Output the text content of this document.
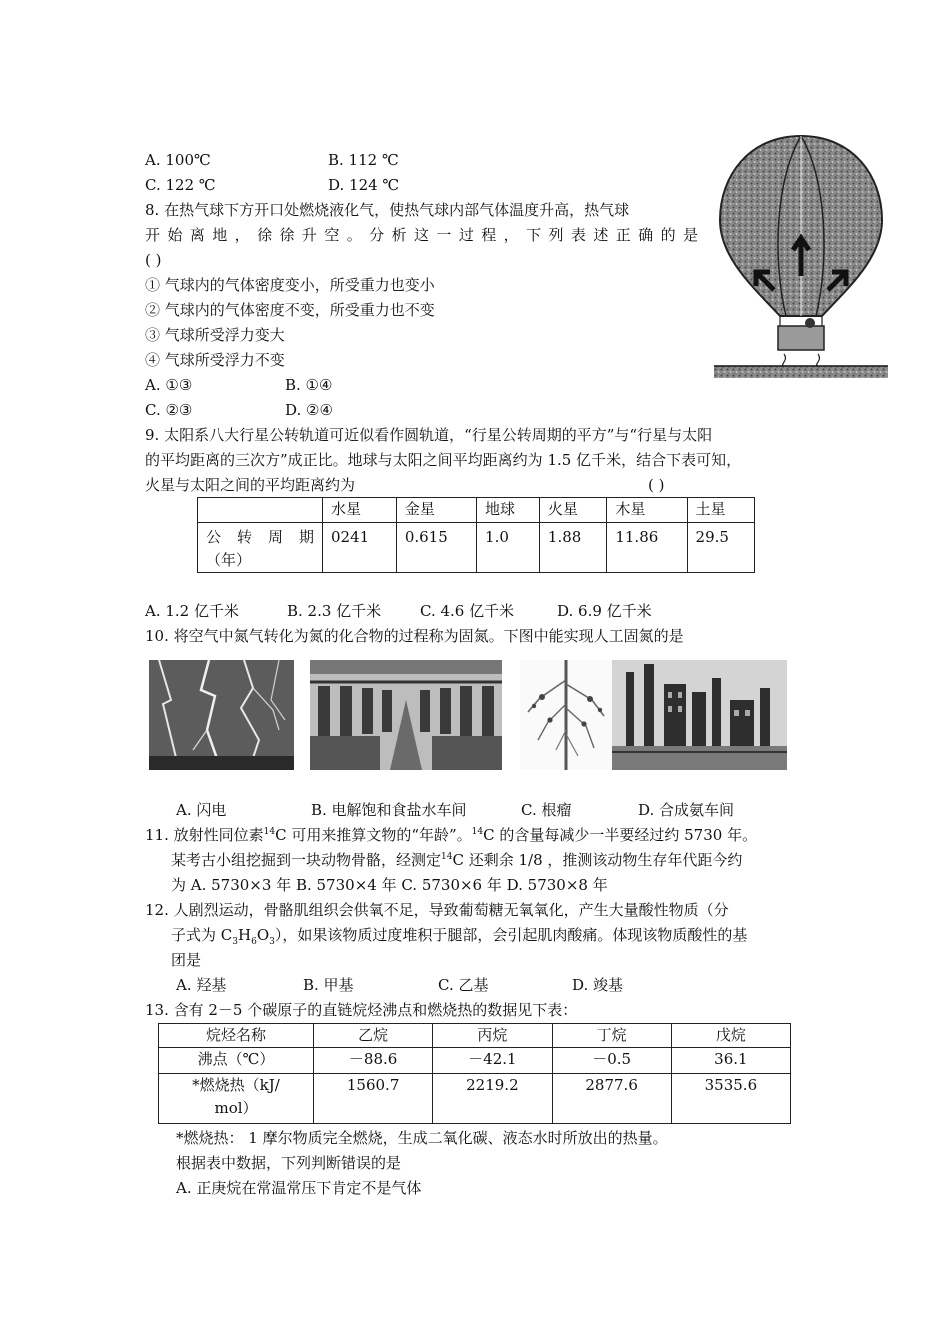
A. 100℃	B. 112 ℃
C. 122 ℃	D. 124 ℃
8. 在热气球下方开口处燃烧液化气，使热气球内部气体温度升高，热气球
开始离地，徐徐升空。分析这一过程，下列表述正确的是
( )
① 气球内的气体密度变小，所受重力也变小
② 气球内的气体密度不变，所受重力也不变
③ 气球所受浮力变大
④ 气球所受浮力不变
A. ①③	B. ①④
C. ②③	D. ②④
9. 太阳系八大行星公转轨道可近似看作圆轨道，“行星公转周期的平方”与“行星与太阳
的平均距离的三次方”成正比。地球与太阳之间平均距离约为 1.5 亿千米，结合下表可知，
火星与太阳之间的平均距离约为	( )
	水星	金星	地球	火星	木星	土星

公 转 周 期
（年）	0241	0.615	1.0	1.88	11.86	29.5
A. 1.2 亿千米	B. 2.3 亿千米	C. 4.6 亿千米	D. 6.9 亿千米
10. 将空气中氮气转化为氮的化合物的过程称为固氮。下图中能实现人工固氮的是
A. 闪电	B. 电解饱和食盐水车间	C. 根瘤	D. 合成氨车间
11. 放射性同位素$^{14}$C 可用来推算文物的“年龄”。$^{14}$C 的含量每减少一半要经过约 5730 年。
某考古小组挖掘到一块动物骨骼，经测定$^{14}$C 还剩余 1/8 ，推测该动物生存年代距今约
为 A. 5730×3 年 B. 5730×4 年 C. 5730×6 年 D. 5730×8 年
12. 人剧烈运动，骨骼肌组织会供氧不足，导致葡萄糖无氧氧化，产生大量酸性物质（分
子式为 $C_3H_6O_3$），如果该物质过度堆积于腿部，会引起肌肉酸痛。体现该物质酸性的基
团是
A. 羟基	B. 甲基	C. 乙基	D. 竣基
13. 含有 2－5 个碳原子的直链烷烃沸点和燃烧热的数据见下表：
烷烃名称	乙烷	丙烷	丁烷	戊烷
沸点（℃）	－88.6	－42.1	－0.5	36.1

*燃烧热（kJ/
mol）	1560.7	2219.2	2877.6	3535.6
*燃烧热： 1 摩尔物质完全燃烧，生成二氧化碳、液态水时所放出的热量。
根据表中数据，下列判断错误的是
A. 正庚烷在常温常压下肯定不是气体
